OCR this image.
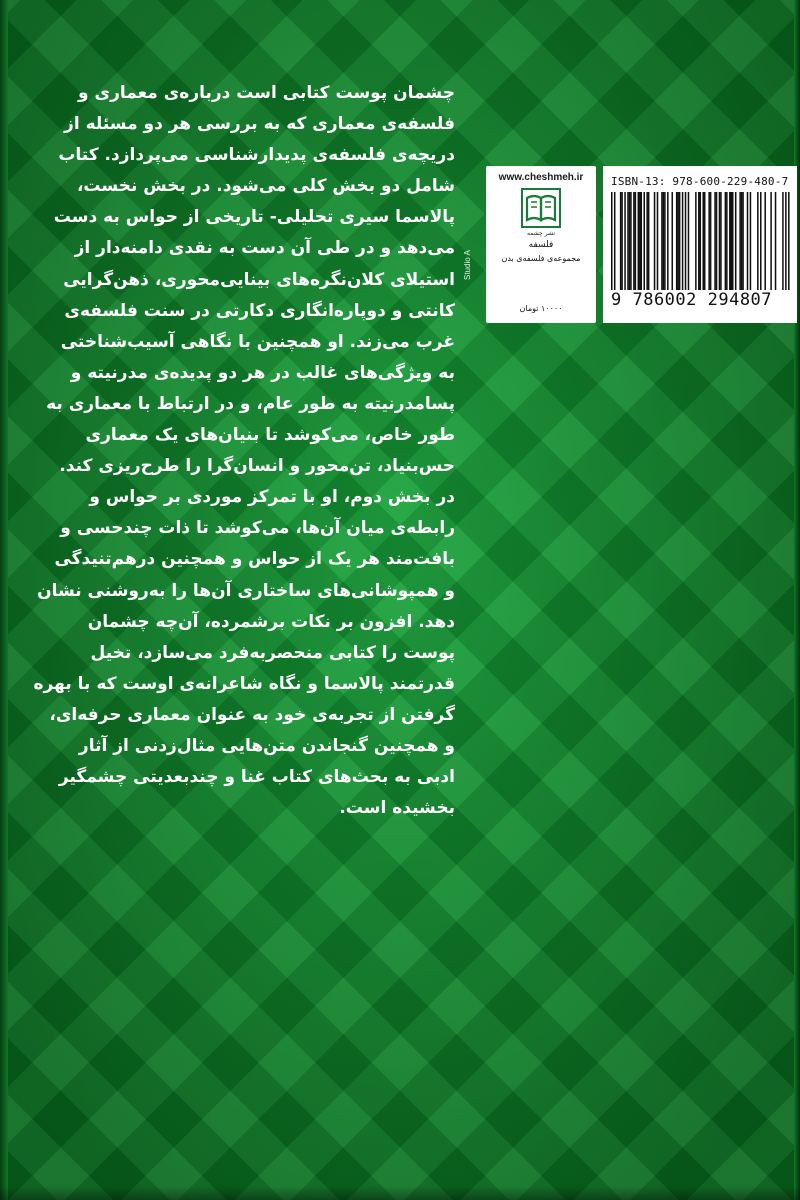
چشمان پوست کتابی است درباره‌ی معماری و
فلسفه‌ی معماری که به بررسی هر دو مسئله از
دریچه‌ی فلسفه‌ی پدیدارشناسی می‌پردازد. کتاب
شامل دو بخش کلی می‌شود. در بخش نخست،
پالاسما سیری تحلیلی- تاریخی از حواس به دست
می‌دهد و در طی آن دست به نقدی دامنه‌دار از
استیلای کلان‌نگره‌های بینایی‌محوری، ذهن‌گرایی
کانتی و دوپاره‌انگاری دکارتی در سنت فلسفه‌ی
غرب می‌زند. او همچنین با نگاهی آسیب‌شناختی
به ویژگی‌های غالب در هر دو پدیده‌ی مدرنیته و
پسامدرنیته به طور عام، و در ارتباط با معماری به
طور خاص، می‌کوشد تا بنیان‌های یک معماری
حس‌بنیاد، تن‌محور و انسان‌گرا را طرح‌ریزی کند.
در بخش دوم، او با تمرکز موردی بر حواس و
رابطه‌ی میان آن‌ها، می‌کوشد تا ذات چندحسی و
بافت‌مند هر یک از حواس و همچنین درهم‌تنیدگی
و همپوشانی‌های ساختاری آن‌ها را به‌روشنی نشان
دهد. افزون بر نکات برشمرده، آن‌چه چشمان
پوست را کتابی منحصربه‌فرد می‌سازد، تخیل
قدرتمند پالاسما و نگاه شاعرانه‌ی اوست که با بهره
گرفتن از تجربه‌ی خود به عنوان معماری حرفه‌ای،
و همچنین گنجاندن متن‌هایی مثال‌زدنی از آثار
ادبی به بحث‌های کتاب غنا و چندبعدیتی چشمگیر
بخشیده است.
www.cheshmeh.ir
نشر چشمه
فلسفه
مجموعه‌ی فلسفه‌ی بدن
۱۰۰۰۰ تومان
Studio A
ISBN-13: 978-600-229-480-7
9 786002 294807
